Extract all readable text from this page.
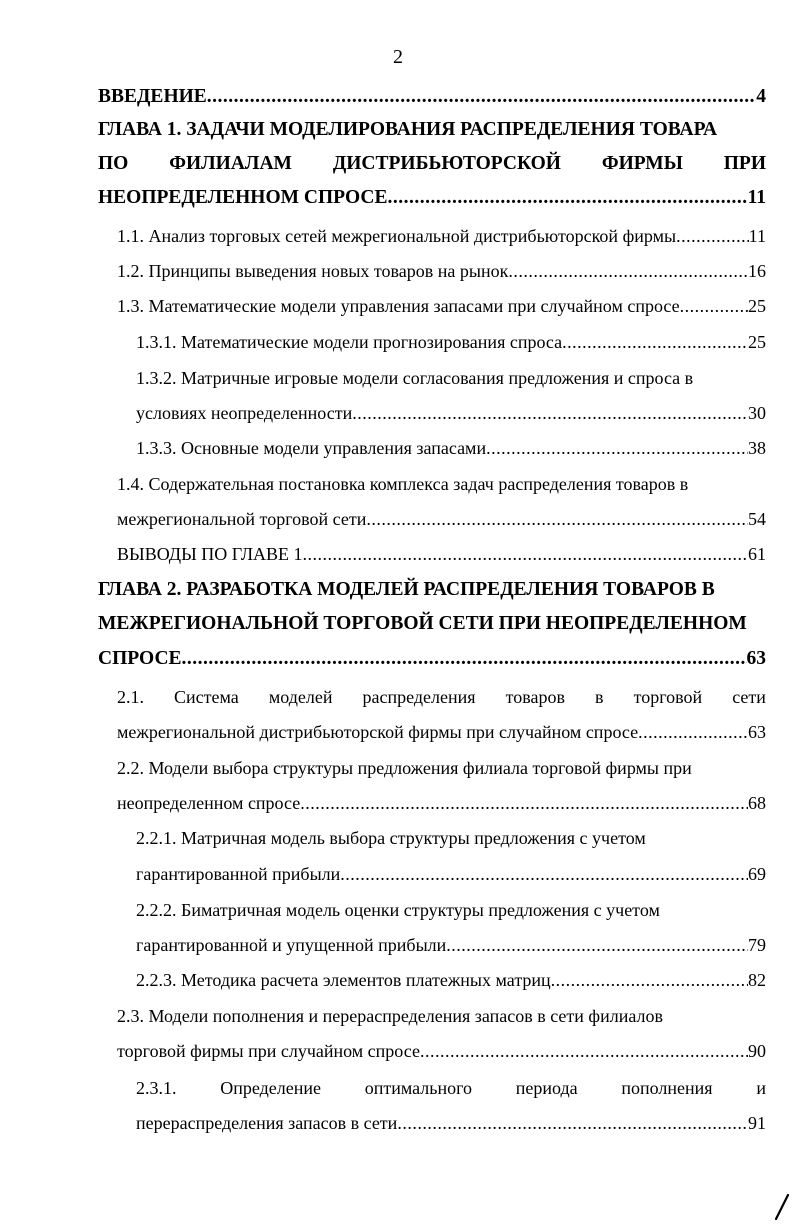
2
ВВЕДЕНИЕ .....	4
ГЛАВА 1. ЗАДАЧИ МОДЕЛИРОВАНИЯ РАСПРЕДЕЛЕНИЯ ТОВАРА
ПО ФИЛИАЛАМ ДИСТРИБЬЮТОРСКОЙ ФИРМЫ ПРИ
НЕОПРЕДЕЛЕННОМ СПРОСЕ .....	11
1.1. Анализ торговых сетей межрегиональной дистрибьюторской фирмы .....	11
1.2. Принципы выведения новых товаров на рынок .....	16
1.3. Математические модели управления запасами при случайном спросе .....	25
1.3.1. Математические модели прогнозирования спроса .....	25
1.3.2. Матричные игровые модели согласования предложения и спроса в
условиях неопределенности .....	30
1.3.3. Основные модели управления запасами .....	38
1.4. Содержательная постановка комплекса задач распределения товаров в
межрегиональной торговой сети .....	54
ВЫВОДЫ ПО ГЛАВЕ 1 .....	61
ГЛАВА 2. РАЗРАБОТКА МОДЕЛЕЙ РАСПРЕДЕЛЕНИЯ ТОВАРОВ В
МЕЖРЕГИОНАЛЬНОЙ ТОРГОВОЙ СЕТИ ПРИ НЕОПРЕДЕЛЕННОМ
СПРОСЕ .....	63
2.1. Система моделей распределения товаров в торговой сети
межрегиональной дистрибьюторской фирмы при случайном спросе .....	63
2.2. Модели выбора структуры предложения филиала торговой фирмы при
неопределенном спросе .....	68
2.2.1. Матричная модель выбора структуры предложения с учетом
гарантированной прибыли .....	69
2.2.2. Биматричная модель оценки структуры предложения с учетом
гарантированной и упущенной прибыли .....	79
2.2.3. Методика расчета элементов платежных матриц .....	82
2.3. Модели пополнения и перераспределения запасов в сети филиалов
торговой фирмы при случайном спросе .....	90
2.3.1. Определение оптимального периода пополнения и
перераспределения запасов в сети .....	91
